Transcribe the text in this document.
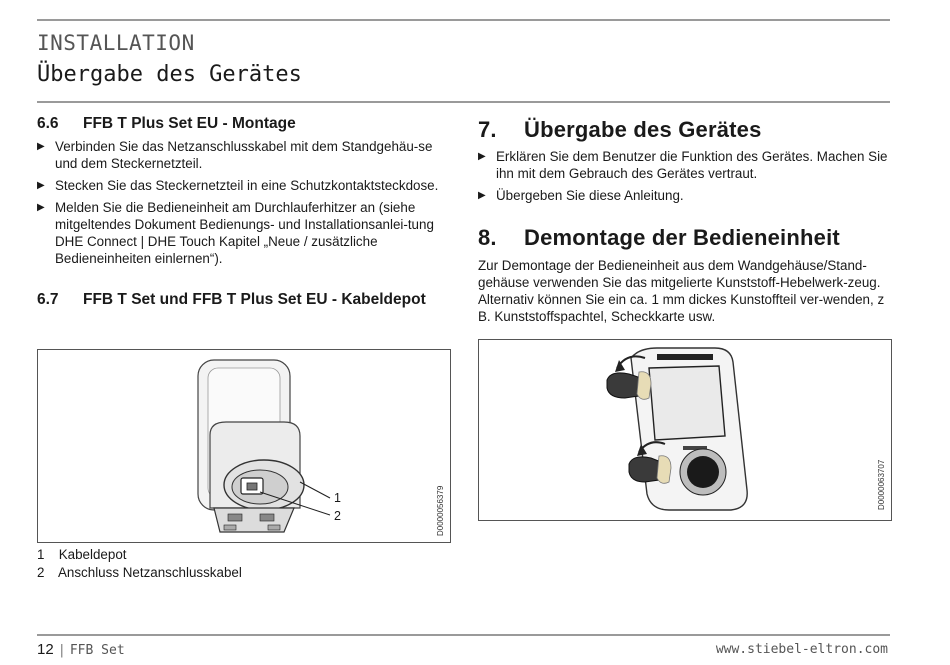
INSTALLATION
Übergabe des Gerätes
6.6	FFB T Plus Set EU - Montage
▶ Verbinden Sie das Netzanschlusskabel mit dem Standgehäu-se und dem Steckernetzteil.
▶ Stecken Sie das Steckernetzteil in eine Schutzkontaktsteckdose.
▶ Melden Sie die Bedieneinheit am Durchlauferhitzer an (siehe mitgeltendes Dokument Bedienungs- und Installationsanlei-tung DHE Connect | DHE Touch Kapitel „Neue / zusätzliche Bedieneinheiten einlernen“).
6.7	FFB T Set und FFB T Plus Set EU - Kabeldepot
1
2	D0000056379
1 Kabeldepot
2 Anschluss Netzanschlusskabel
7.	Übergabe des Gerätes
▶ Erklären Sie dem Benutzer die Funktion des Gerätes. Machen Sie ihn mit dem Gebrauch des Gerätes vertraut.
▶ Übergeben Sie diese Anleitung.
8.	Demontage der Bedieneinheit

Zur Demontage der Bedieneinheit aus dem Wandgehäuse/Stand-gehäuse verwenden Sie das mitgelierte Kunststoff-Hebelwerk-zeug. Alternativ können Sie ein ca. 1 mm dickes Kunstoffteil ver-wenden, z B. Kunststoffspachtel, Scheckkarte usw.

D0000063707
12 | FFB Set	www.stiebel-eltron.com
